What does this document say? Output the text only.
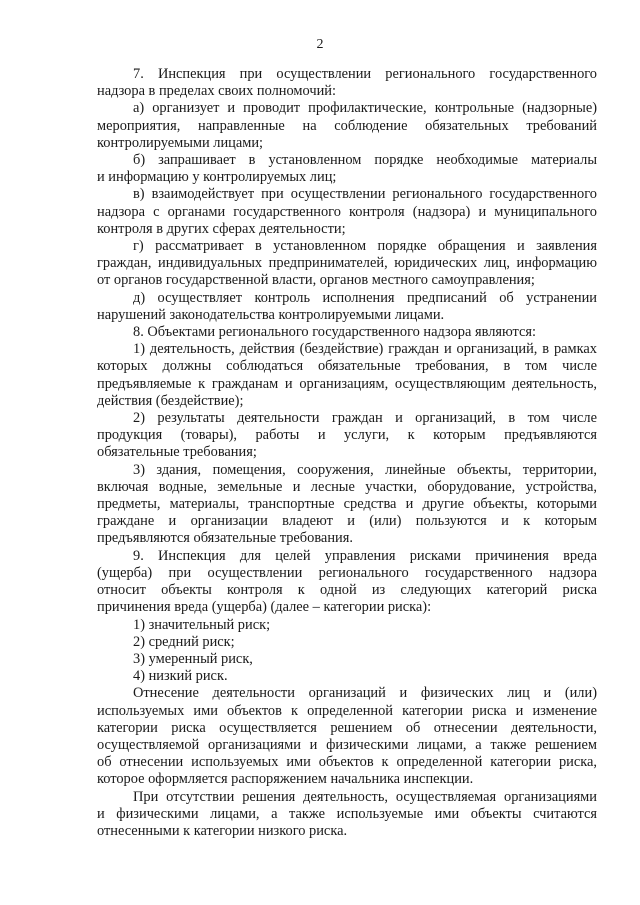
2
7. Инспекция при осуществлении регионального государственного
надзора в пределах своих полномочий:
а) организует и проводит профилактические, контрольные (надзорные)
мероприятия, направленные на соблюдение обязательных требований
контролируемыми лицами;
б) запрашивает в установленном порядке необходимые материалы
и информацию у контролируемых лиц;
в) взаимодействует при осуществлении регионального государственного
надзора с органами государственного контроля (надзора) и муниципального
контроля в других сферах деятельности;
г) рассматривает в установленном порядке обращения и заявления
граждан, индивидуальных предпринимателей, юридических лиц, информацию
от органов государственной власти, органов местного самоуправления;
д) осуществляет контроль исполнения предписаний об устранении
нарушений законодательства контролируемыми лицами.
8. Объектами регионального государственного надзора являются:
1) деятельность, действия (бездействие) граждан и организаций, в рамках
которых должны соблюдаться обязательные требования, в том числе
предъявляемые к гражданам и организациям, осуществляющим деятельность,
действия (бездействие);
2) результаты деятельности граждан и организаций, в том числе
продукция (товары), работы и услуги, к которым предъявляются
обязательные требования;
3) здания, помещения, сооружения, линейные объекты, территории,
включая водные, земельные и лесные участки, оборудование, устройства,
предметы, материалы, транспортные средства и другие объекты, которыми
граждане и организации владеют и (или) пользуются и к которым
предъявляются обязательные требования.
9. Инспекция для целей управления рисками причинения вреда
(ущерба) при осуществлении регионального государственного надзора
относит объекты контроля к одной из следующих категорий риска
причинения вреда (ущерба) (далее – категории риска):
1) значительный риск;
2) средний риск;
3) умеренный риск,
4) низкий риск.
Отнесение деятельности организаций и физических лиц и (или)
используемых ими объектов к определенной категории риска и изменение
категории риска осуществляется решением об отнесении деятельности,
осуществляемой организациями и физическими лицами, а также решением
об отнесении используемых ими объектов к определенной категории риска,
которое оформляется распоряжением начальника инспекции.
При отсутствии решения деятельность, осуществляемая организациями
и физическими лицами, а также используемые ими объекты считаются
отнесенными к категории низкого риска.
